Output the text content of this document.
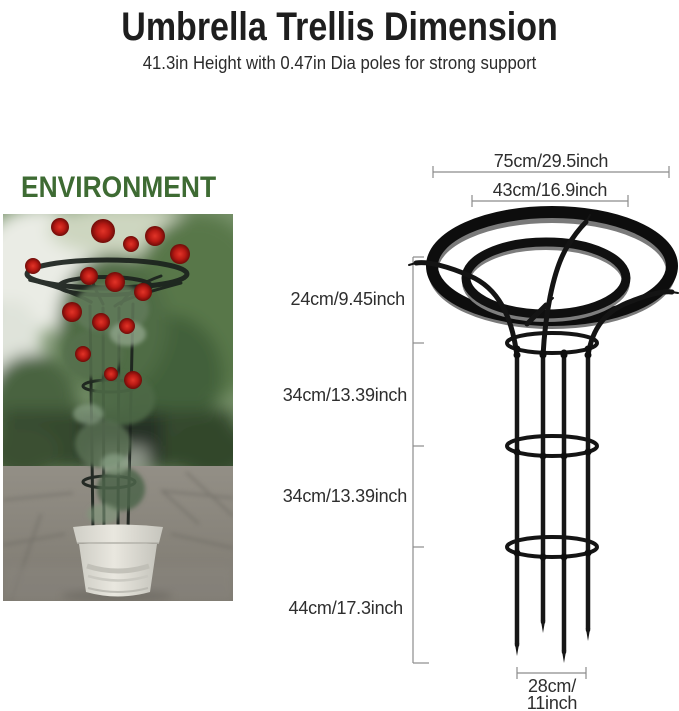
Umbrella Trellis Dimension

41.3in Height with 0.47in Dia poles for strong support

ENVIRONMENT
75cm/29.5inch
43cm/16.9inch
24cm/9.45inch
34cm/13.39inch
34cm/13.39inch
44cm/17.3inch
28cm/
11inch
